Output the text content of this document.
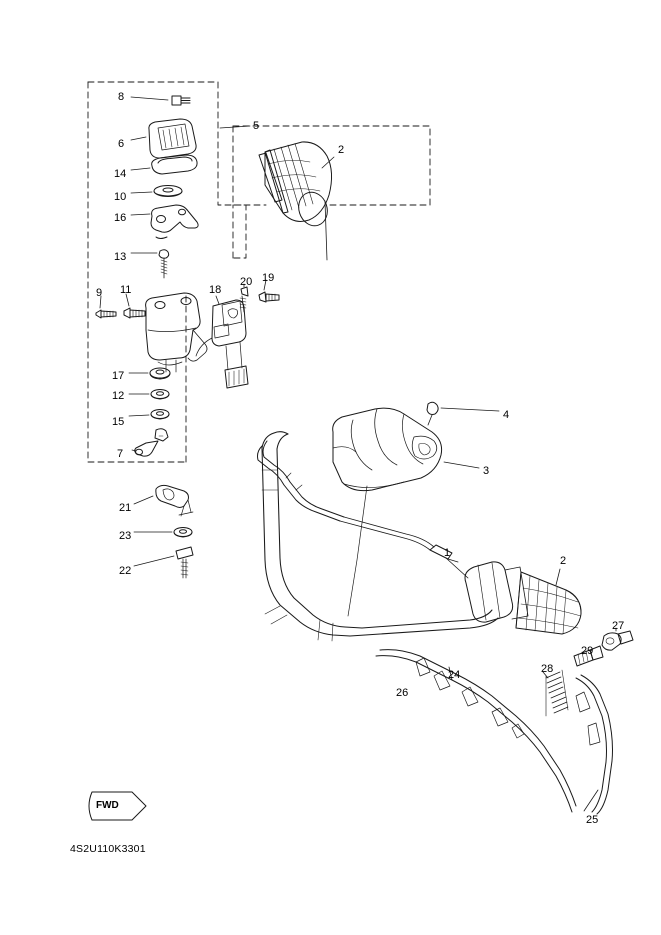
8
5
6	2
14
10
16
13
20 19
18
9 11
17
12
4
15
7
3
21
23
1
2
22
27
24	28
29
26
25
FWD
4S2U110K3301
